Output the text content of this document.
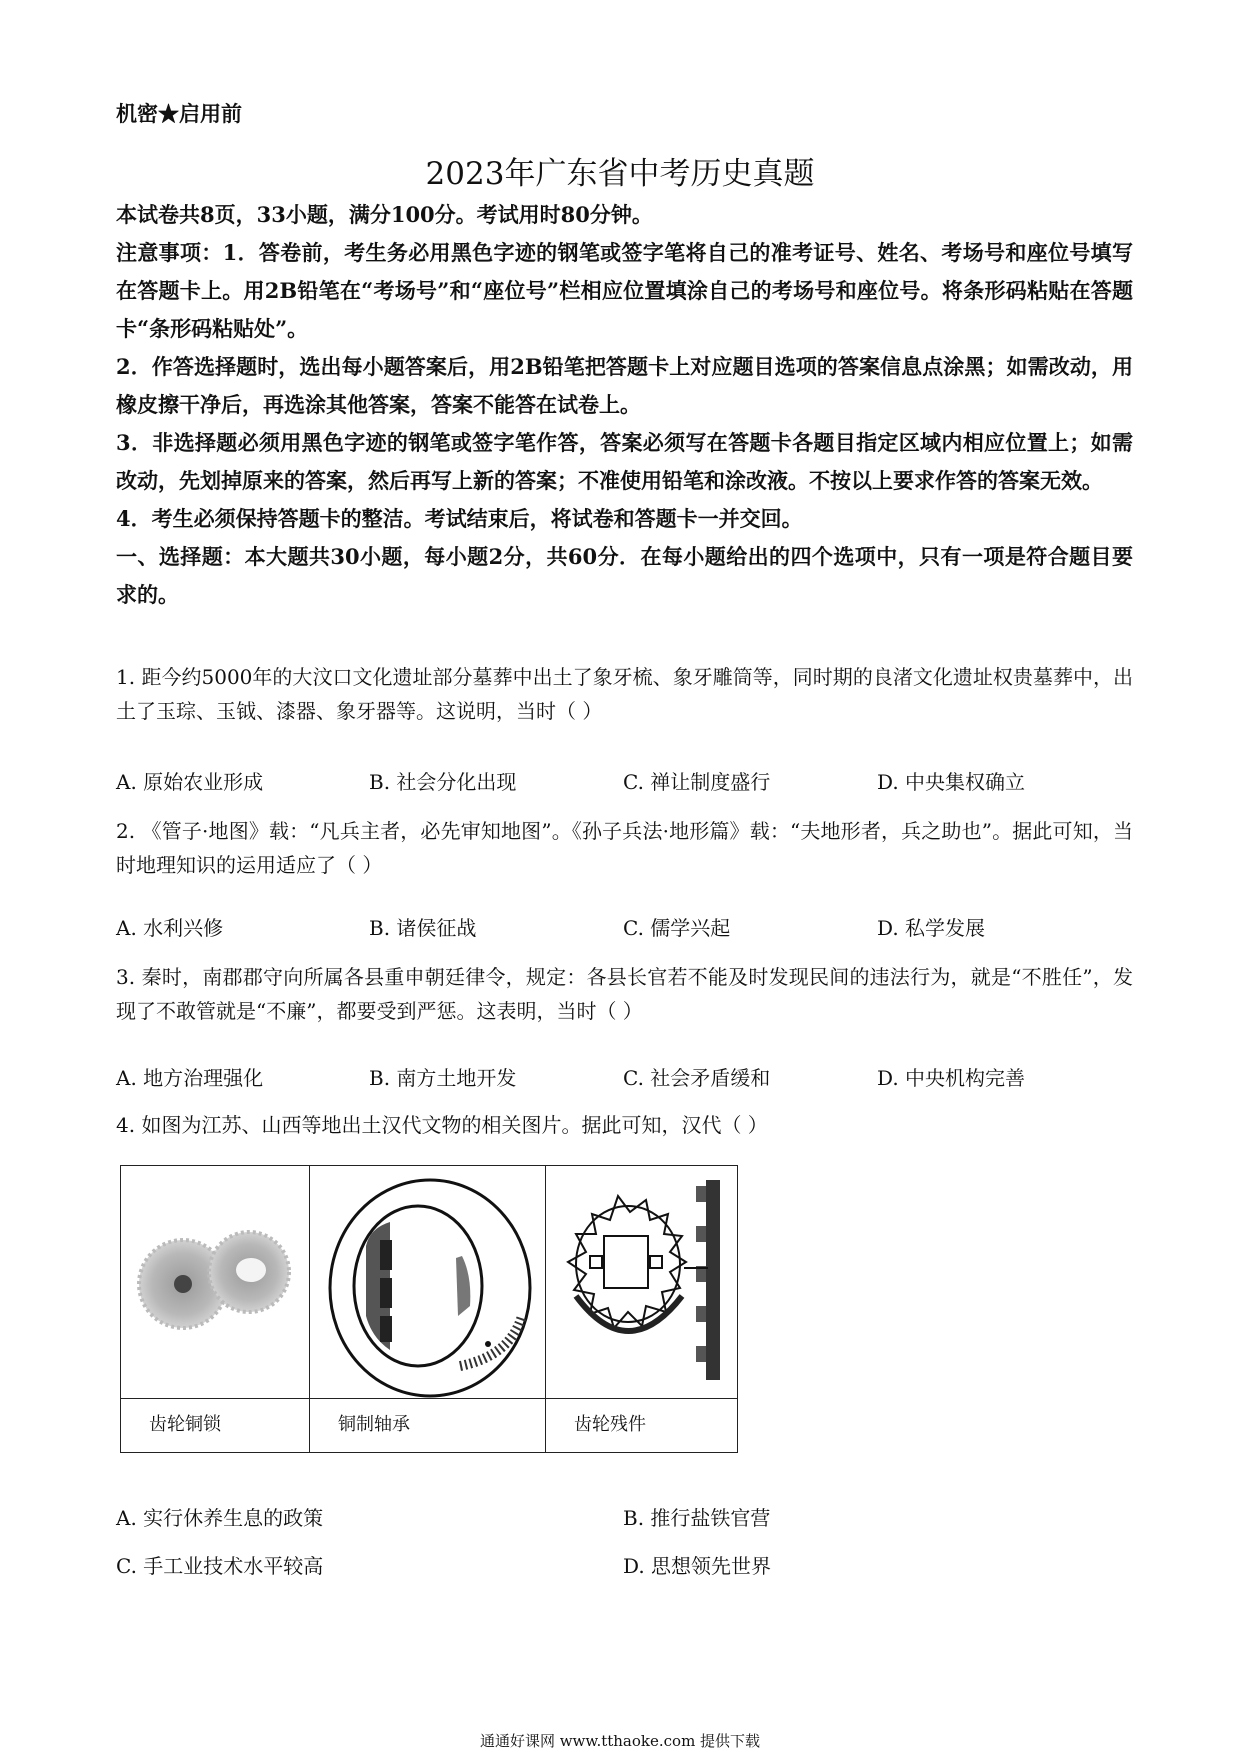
机密★启用前
2023年广东省中考历史真题

本试卷共8页，33小题，满分100分。考试用时80分钟。

注意事项：1．答卷前，考生务必用黑色字迹的钢笔或签字笔将自己的准考证号、姓名、考场号和座位号填写在答题卡上。用2B铅笔在“考场号”和“座位号”栏相应位置填涂自己的考场号和座位号。将条形码粘贴在答题卡“条形码粘贴处”。

2．作答选择题时，选出每小题答案后，用2B铅笔把答题卡上对应题目选项的答案信息点涂黑；如需改动，用橡皮擦干净后，再选涂其他答案，答案不能答在试卷上。

3．非选择题必须用黑色字迹的钢笔或签字笔作答，答案必须写在答题卡各题目指定区域内相应位置上；如需改动，先划掉原来的答案，然后再写上新的答案；不准使用铅笔和涂改液。不按以上要求作答的答案无效。

4．考生必须保持答题卡的整洁。考试结束后，将试卷和答题卡一并交回。

一、选择题：本大题共30小题，每小题2分，共60分．在每小题给出的四个选项中，只有一项是符合题目要求的。

1. 距今约5000年的大汶口文化遗址部分墓葬中出土了象牙梳、象牙雕筒等，同时期的良渚文化遗址权贵墓葬中，出土了玉琮、玉钺、漆器、象牙器等。这说明，当时（ ）

A. 原始农业形成	B. 社会分化出现	C. 禅让制度盛行	D. 中央集权确立

2. 《管子·地图》载：“凡兵主者，必先审知地图”。《孙子兵法·地形篇》载：“夫地形者，兵之助也”。据此可知，当时地理知识的运用适应了（ ）

A. 水利兴修	B. 诸侯征战	C. 儒学兴起	D. 私学发展

3. 秦时，南郡郡守向所属各县重申朝廷律令，规定：各县长官若不能及时发现民间的违法行为，就是“不胜任”，发现了不敢管就是“不廉”，都要受到严惩。这表明，当时（ ）

A. 地方治理强化	B. 南方土地开发	C. 社会矛盾缓和	D. 中央机构完善

4. 如图为江苏、山西等地出土汉代文物的相关图片。据此可知，汉代（ ）

齿轮铜锁	铜制轴承	齿轮残件
A. 实行休养生息的政策	B. 推行盐铁官营
C. 手工业技术水平较高	D. 思想领先世界
通通好课网 www.tthaoke.com 提供下载
